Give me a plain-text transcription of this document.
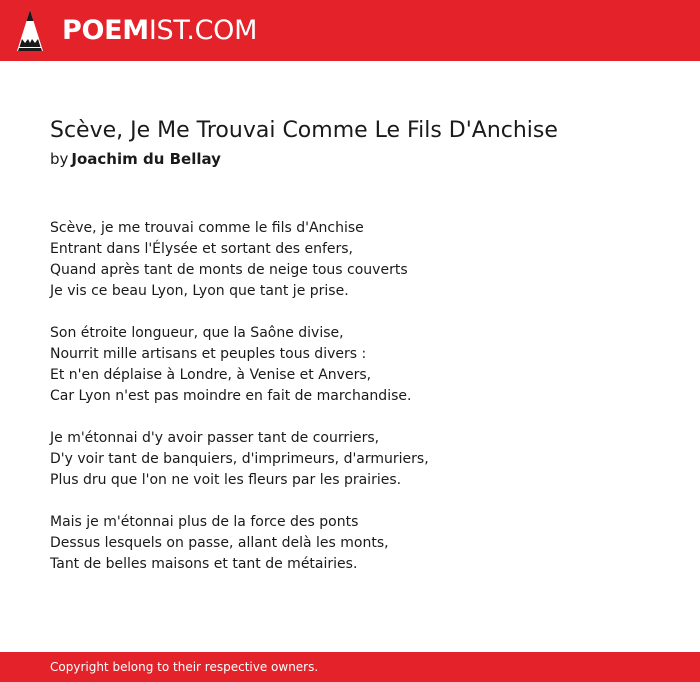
POEMIST.COM
Scève, Je Me Trouvai Comme Le Fils D'Anchise
by Joachim du Bellay

Scève, je me trouvai comme le fils d'Anchise
Entrant dans l'Élysée et sortant des enfers,
Quand après tant de monts de neige tous couverts
Je vis ce beau Lyon, Lyon que tant je prise.

Son étroite longueur, que la Saône divise,
Nourrit mille artisans et peuples tous divers :
Et n'en déplaise à Londre, à Venise et Anvers,
Car Lyon n'est pas moindre en fait de marchandise.

Je m'étonnai d'y avoir passer tant de courriers,
D'y voir tant de banquiers, d'imprimeurs, d'armuriers,
Plus dru que l'on ne voit les fleurs par les prairies.

Mais je m'étonnai plus de la force des ponts
Dessus lesquels on passe, allant delà les monts,
Tant de belles maisons et tant de métairies.

Copyright belong to their respective owners.
